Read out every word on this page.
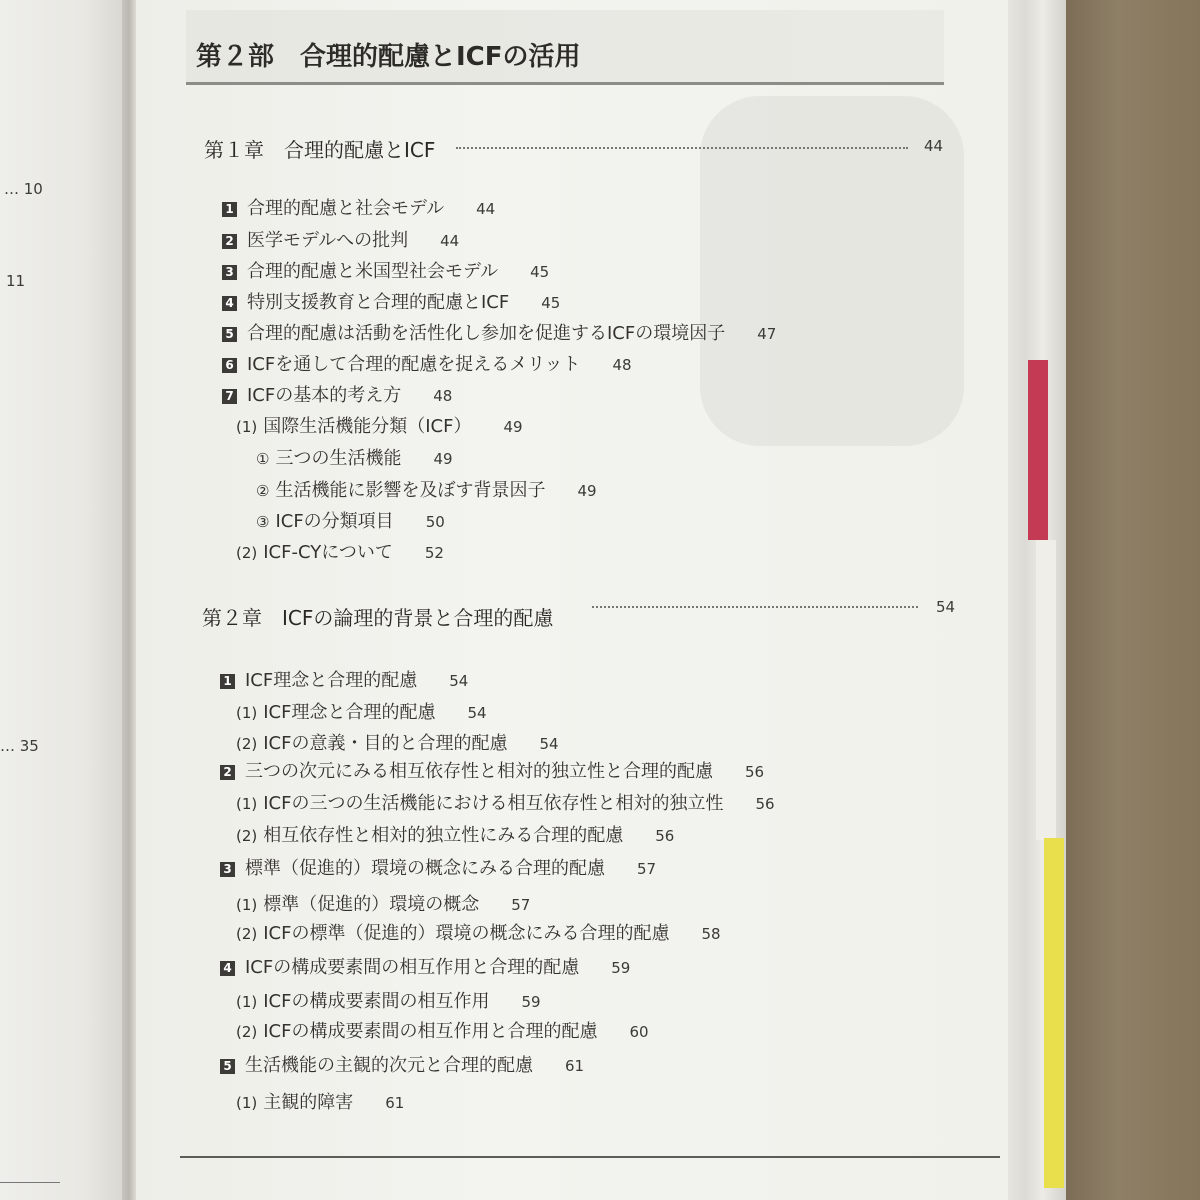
… 10
11
… 35
第２部　合理的配慮とICFの活用
第１章　合理的配慮とICF	44
1 合理的配慮と社会モデル 44
2 医学モデルへの批判 44
3 合理的配慮と米国型社会モデル 45
4 特別支援教育と合理的配慮とICF 45
5 合理的配慮は活動を活性化し参加を促進するICFの環境因子 47
6 ICFを通して合理的配慮を捉えるメリット 48
7 ICFの基本的考え方 48
(1) 国際生活機能分類（ICF） 49
① 三つの生活機能 49
② 生活機能に影響を及ぼす背景因子 49
③ ICFの分類項目 50
(2) ICF-CYについて 52
第２章　ICFの論理的背景と合理的配慮	54
1 ICF理念と合理的配慮 54
(1) ICF理念と合理的配慮 54
(2) ICFの意義・目的と合理的配慮 54
2 三つの次元にみる相互依存性と相対的独立性と合理的配慮 56
(1) ICFの三つの生活機能における相互依存性と相対的独立性 56
(2) 相互依存性と相対的独立性にみる合理的配慮 56
3 標準（促進的）環境の概念にみる合理的配慮 57
(1) 標準（促進的）環境の概念 57
(2) ICFの標準（促進的）環境の概念にみる合理的配慮 58
4 ICFの構成要素間の相互作用と合理的配慮 59
(1) ICFの構成要素間の相互作用 59
(2) ICFの構成要素間の相互作用と合理的配慮 60
5 生活機能の主観的次元と合理的配慮 61
(1) 主観的障害 61
